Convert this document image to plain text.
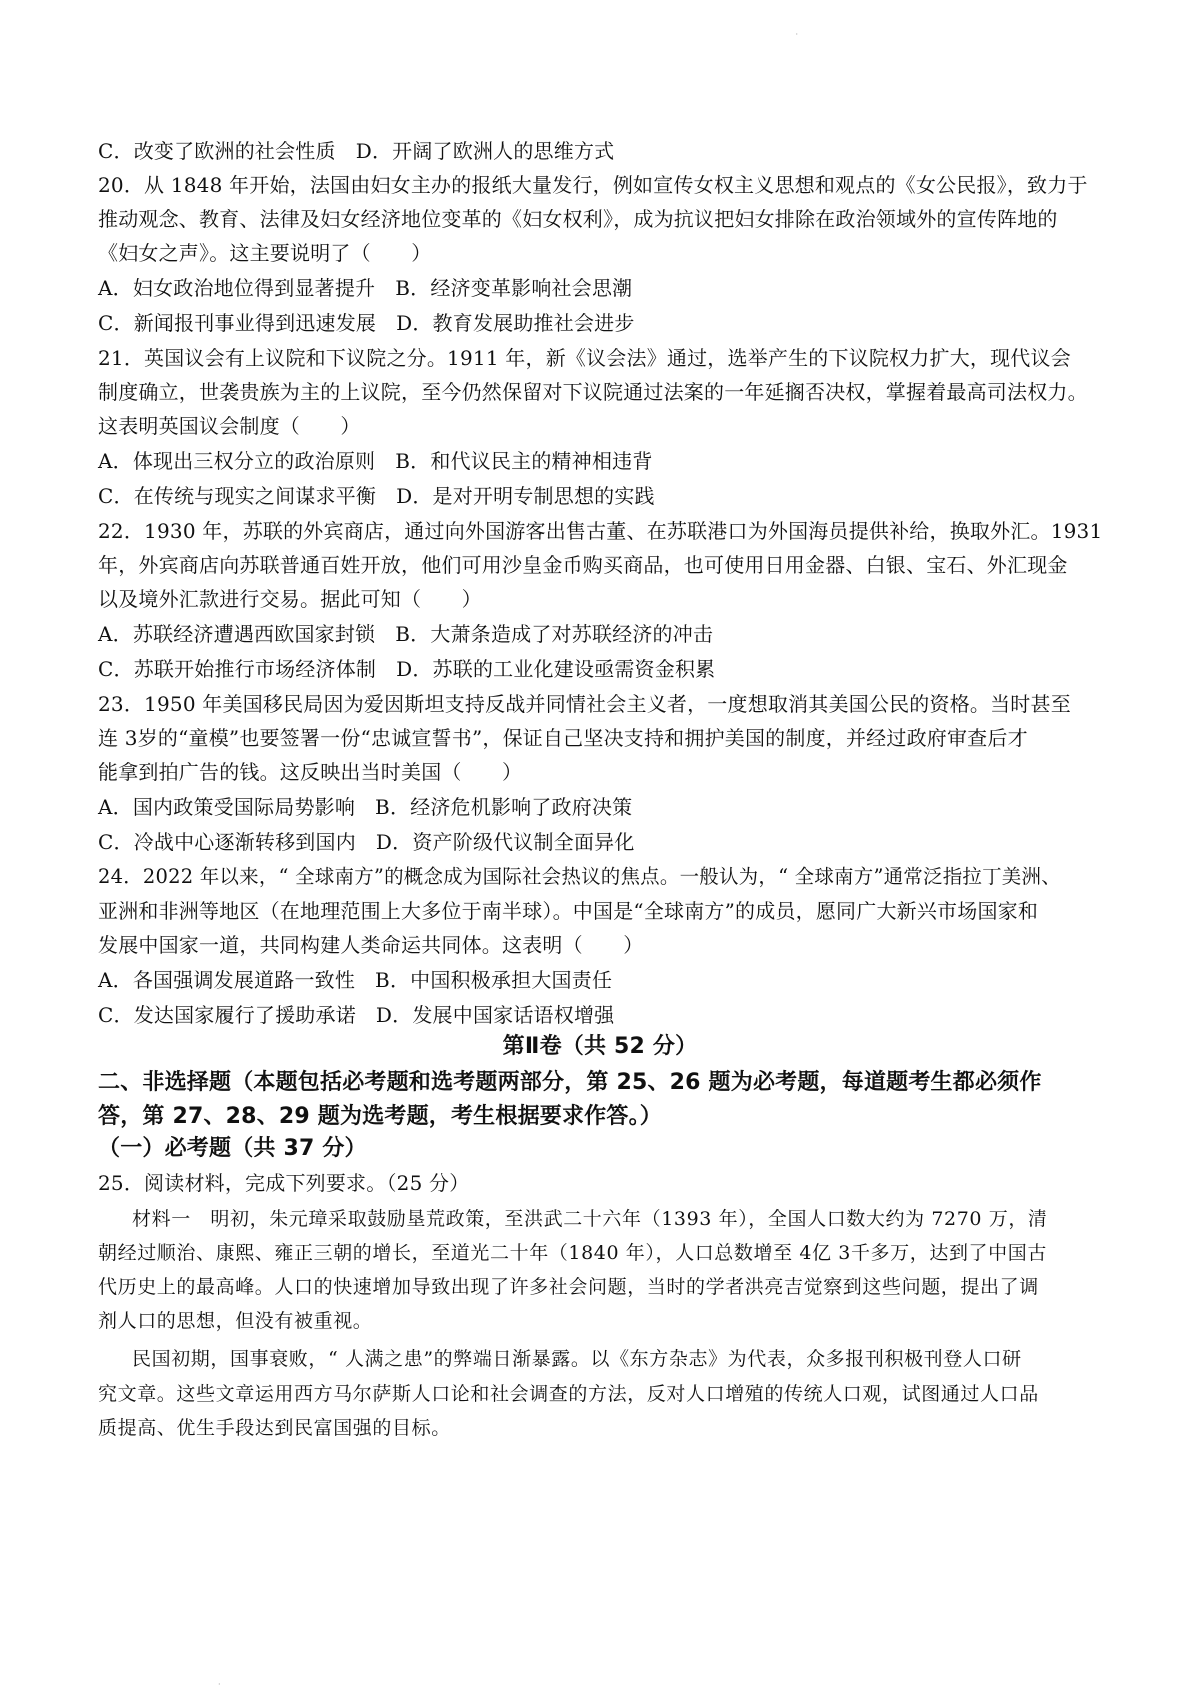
·
C．改变了欧洲的社会性质 D．开阔了欧洲人的思维方式
20．从 1848 年开始，法国由妇女主办的报纸大量发行，例如宣传女权主义思想和观点的《女公民报》，致力于
推动观念、教育、法律及妇女经济地位变革的《妇女权利》，成为抗议把妇女排除在政治领域外的宣传阵地的
《妇女之声》。这主要说明了（　　）
A．妇女政治地位得到显著提升 B．经济变革影响社会思潮
C．新闻报刊事业得到迅速发展 D．教育发展助推社会进步
21．英国议会有上议院和下议院之分。1911 年，新《议会法》通过，选举产生的下议院权力扩大，现代议会
制度确立，世袭贵族为主的上议院，至今仍然保留对下议院通过法案的一年延搁否决权，掌握着最高司法权力。
这表明英国议会制度（　　）
A．体现出三权分立的政治原则 B．和代议民主的精神相违背
C．在传统与现实之间谋求平衡 D．是对开明专制思想的实践
22．1930 年，苏联的外宾商店，通过向外国游客出售古董、在苏联港口为外国海员提供补给，换取外汇。1931
年，外宾商店向苏联普通百姓开放，他们可用沙皇金币购买商品，也可使用日用金器、白银、宝石、外汇现金
以及境外汇款进行交易。据此可知（　　）
A．苏联经济遭遇西欧国家封锁 B．大萧条造成了对苏联经济的冲击
C．苏联开始推行市场经济体制 D．苏联的工业化建设亟需资金积累
23．1950 年美国移民局因为爱因斯坦支持反战并同情社会主义者，一度想取消其美国公民的资格。当时甚至
连 3岁的“童模”也要签署一份“忠诚宣誓书”，保证自己坚决支持和拥护美国的制度，并经过政府审查后才
能拿到拍广告的钱。这反映出当时美国（　　）
A．国内政策受国际局势影响 B．经济危机影响了政府决策
C．冷战中心逐渐转移到国内 D．资产阶级代议制全面异化
24．2022 年以来，“ 全球南方”的概念成为国际社会热议的焦点。一般认为，“ 全球南方”通常泛指拉丁美洲、
亚洲和非洲等地区（在地理范围上大多位于南半球）。中国是“全球南方”的成员，愿同广大新兴市场国家和
发展中国家一道，共同构建人类命运共同体。这表明（　　）
A．各国强调发展道路一致性 B．中国积极承担大国责任
C．发达国家履行了援助承诺 D．发展中国家话语权增强
第Ⅱ卷（共 52 分）
二、非选择题（本题包括必考题和选考题两部分，第 25、26 题为必考题，每道题考生都必须作
答，第 27、28、29 题为选考题，考生根据要求作答。）
（一）必考题（共 37 分）
25．阅读材料，完成下列要求。（25 分）
材料一　明初，朱元璋采取鼓励垦荒政策，至洪武二十六年（1393 年），全国人口数大约为 7270 万，清
朝经过顺治、康熙、雍正三朝的增长，至道光二十年（1840 年），人口总数增至 4亿 3千多万，达到了中国古
代历史上的最高峰。人口的快速增加导致出现了许多社会问题，当时的学者洪亮吉觉察到这些问题，提出了调
剂人口的思想，但没有被重视。
民国初期，国事衰败，“ 人满之患”的弊端日渐暴露。以《东方杂志》为代表，众多报刊积极刊登人口研
究文章。这些文章运用西方马尔萨斯人口论和社会调查的方法，反对人口增殖的传统人口观，试图通过人口品
质提高、优生手段达到民富国强的目标。
·
